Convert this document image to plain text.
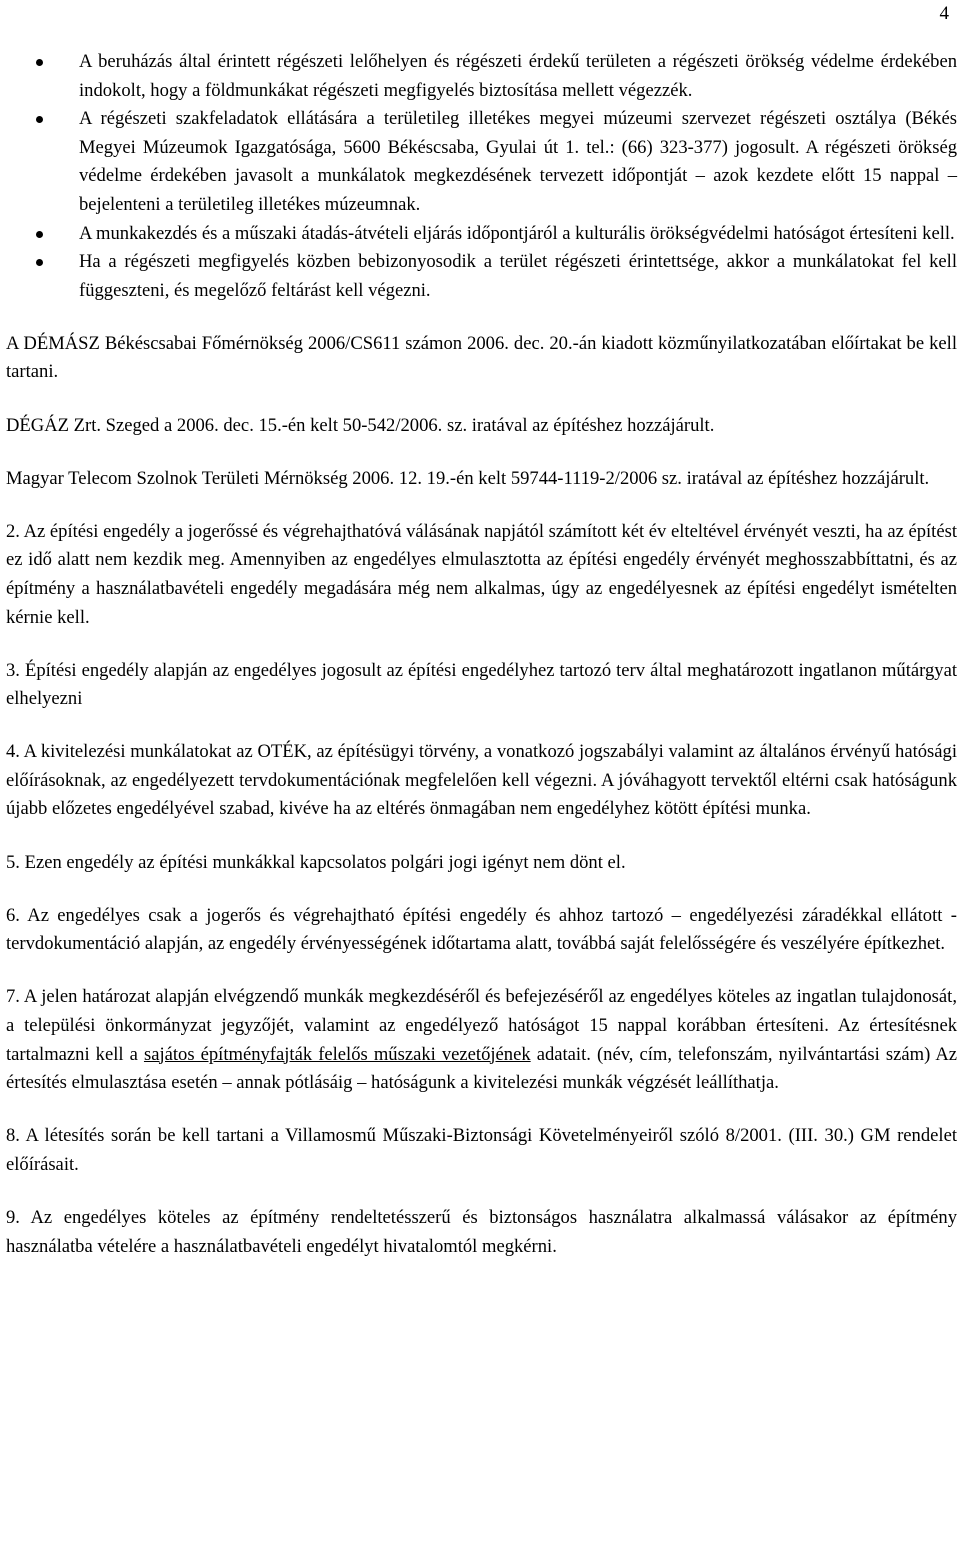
4
A beruházás által érintett régészeti lelőhelyen és régészeti érdekű területen a régészeti örökség védelme érdekében indokolt, hogy a földmunkákat régészeti megfigyelés biztosítása mellett végezzék.
A régészeti szakfeladatok ellátására a területileg illetékes megyei múzeumi szervezet régészeti osztálya (Békés Megyei Múzeumok Igazgatósága, 5600 Békéscsaba, Gyulai út 1. tel.: (66) 323-377) jogosult. A régészeti örökség védelme érdekében javasolt a munkálatok megkezdésének tervezett időpontját – azok kezdete előtt 15 nappal – bejelenteni a területileg illetékes múzeumnak.
A munkakezdés és a műszaki átadás-átvételi eljárás időpontjáról a kulturális örökségvédelmi hatóságot értesíteni kell.
Ha a régészeti megfigyelés közben bebizonyosodik a terület régészeti érintettsége, akkor a munkálatokat fel kell függeszteni, és megelőző feltárást kell végezni.

A DÉMÁSZ Békéscsabai Főmérnökség 2006/CS611 számon 2006. dec. 20.-án kiadott közműnyilatkozatában előírtakat be kell tartani.

DÉGÁZ Zrt. Szeged a 2006. dec. 15.-én kelt 50-542/2006. sz. iratával az építéshez hozzájárult.

Magyar Telecom Szolnok Területi Mérnökség 2006. 12. 19.-én kelt 59744-1119-2/2006 sz. iratával az építéshez hozzájárult.

2. Az építési engedély a jogerőssé és végrehajthatóvá válásának napjától számított két év elteltével érvényét veszti, ha az építést ez idő alatt nem kezdik meg. Amennyiben az engedélyes elmulasztotta az építési engedély érvényét meghosszabbíttatni, és az építmény a használatbavételi engedély megadására még nem alkalmas, úgy az engedélyesnek az építési engedélyt ismételten kérnie kell.

3. Építési engedély alapján az engedélyes jogosult az építési engedélyhez tartozó terv által meghatározott ingatlanon műtárgyat elhelyezni

4. A kivitelezési munkálatokat az OTÉK, az építésügyi törvény, a vonatkozó jogszabályi valamint az általános érvényű hatósági előírásoknak, az engedélyezett tervdokumentációnak megfelelően kell végezni. A jóváhagyott tervektől eltérni csak hatóságunk újabb előzetes engedélyével szabad, kivéve ha az eltérés önmagában nem engedélyhez kötött építési munka.

5. Ezen engedély az építési munkákkal kapcsolatos polgári jogi igényt nem dönt el.

6. Az engedélyes csak a jogerős és végrehajtható építési engedély és ahhoz tartozó – engedélyezési záradékkal ellátott - tervdokumentáció alapján, az engedély érvényességének időtartama alatt, továbbá saját felelősségére és veszélyére építkezhet.

7. A jelen határozat alapján elvégzendő munkák megkezdéséről és befejezéséről az engedélyes köteles az ingatlan tulajdonosát, a települési önkormányzat jegyzőjét, valamint az engedélyező hatóságot 15 nappal korábban értesíteni. Az értesítésnek tartalmazni kell a sajátos építményfajták felelős műszaki vezetőjének adatait. (név, cím, telefonszám, nyilvántartási szám) Az értesítés elmulasztása esetén – annak pótlásáig – hatóságunk a kivitelezési munkák végzését leállíthatja.

8. A létesítés során be kell tartani a Villamosmű Műszaki-Biztonsági Követelményeiről szóló 8/2001. (III. 30.) GM rendelet előírásait.

9. Az engedélyes köteles az építmény rendeltetésszerű és biztonságos használatra alkalmassá válásakor az építmény használatba vételére a használatbavételi engedélyt hivatalomtól megkérni.
